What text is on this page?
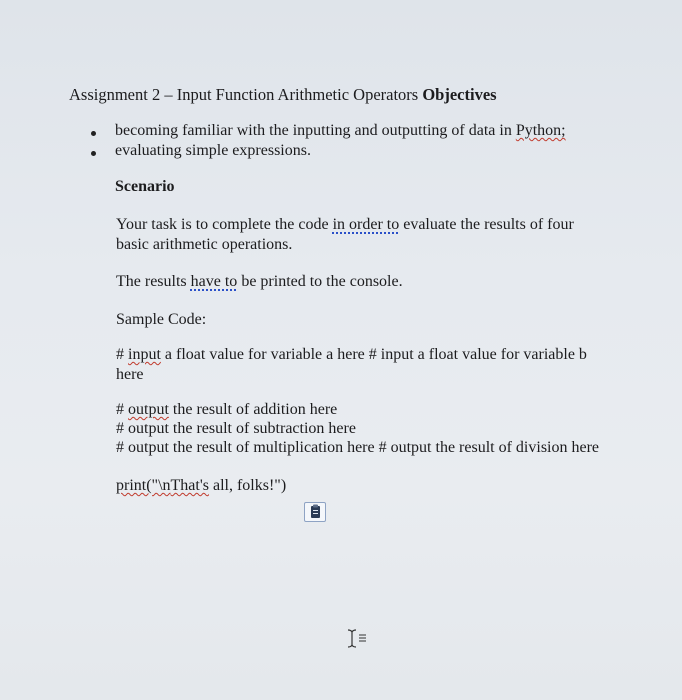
Assignment 2 – Input Function Arithmetic Operators Objectives
becoming familiar with the inputting and outputting of data in Python;
evaluating simple expressions.
Scenario
Your task is to complete the code in order to evaluate the results of four
basic arithmetic operations.
The results have to be printed to the console.
Sample Code:
# input a float value for variable a here # input a float value for variable b
here
# output the result of addition here
# output the result of subtraction here
# output the result of multiplication here # output the result of division here
print("\nThat's all, folks!")
